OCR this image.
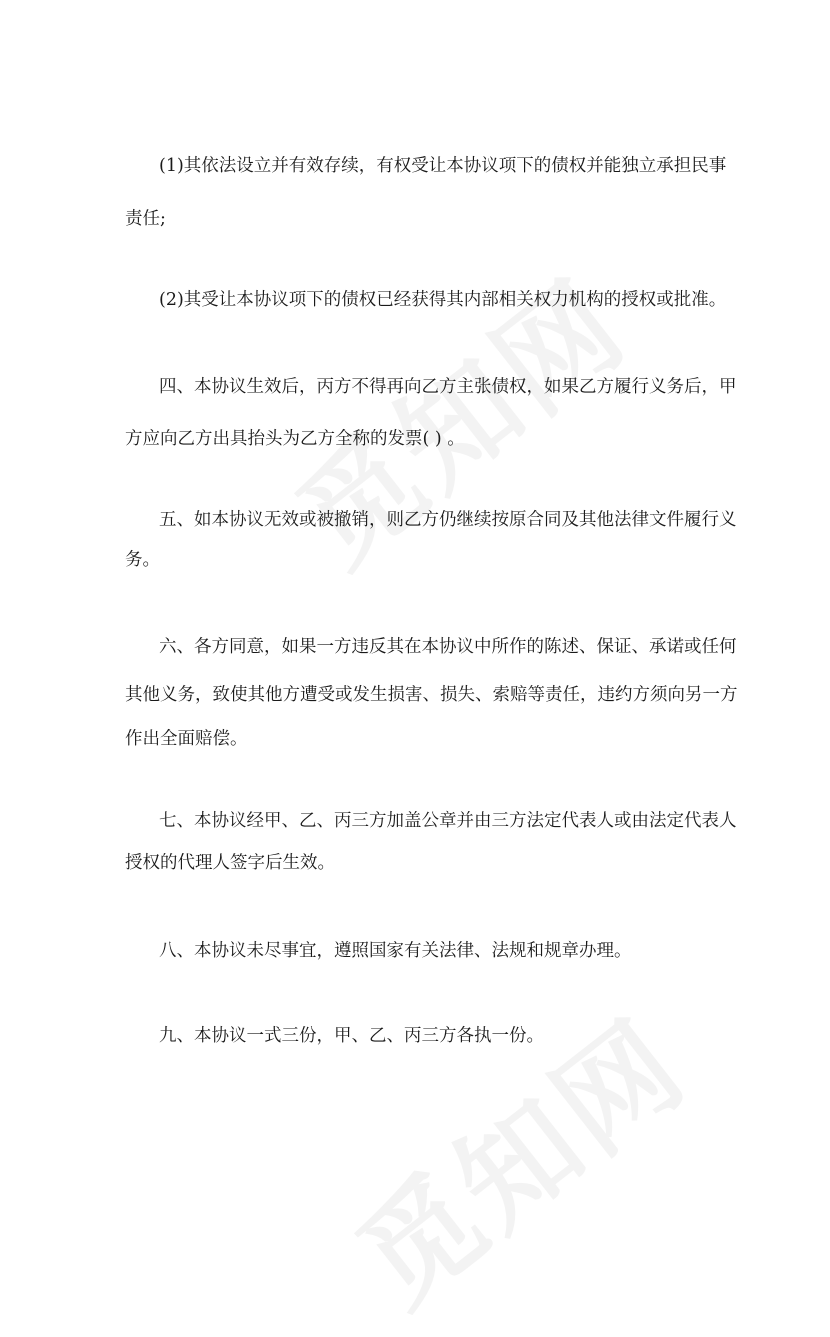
(1)其依法设立并有效存续，有权受让本协议项下的债权并能独立承担民事

责任;

(2)其受让本协议项下的债权已经获得其内部相关权力机构的授权或批准。

四、本协议生效后，丙方不得再向乙方主张债权，如果乙方履行义务后，甲

方应向乙方出具抬头为乙方全称的发票( ) 。

五、如本协议无效或被撤销，则乙方仍继续按原合同及其他法律文件履行义

务。

六、各方同意，如果一方违反其在本协议中所作的陈述、保证、承诺或任何

其他义务，致使其他方遭受或发生损害、损失、索赔等责任，违约方须向另一方

作出全面赔偿。

七、本协议经甲、乙、丙三方加盖公章并由三方法定代表人或由法定代表人

授权的代理人签字后生效。

八、本协议未尽事宜，遵照国家有关法律、法规和规章办理。

九、本协议一式三份，甲、乙、丙三方各执一份。
